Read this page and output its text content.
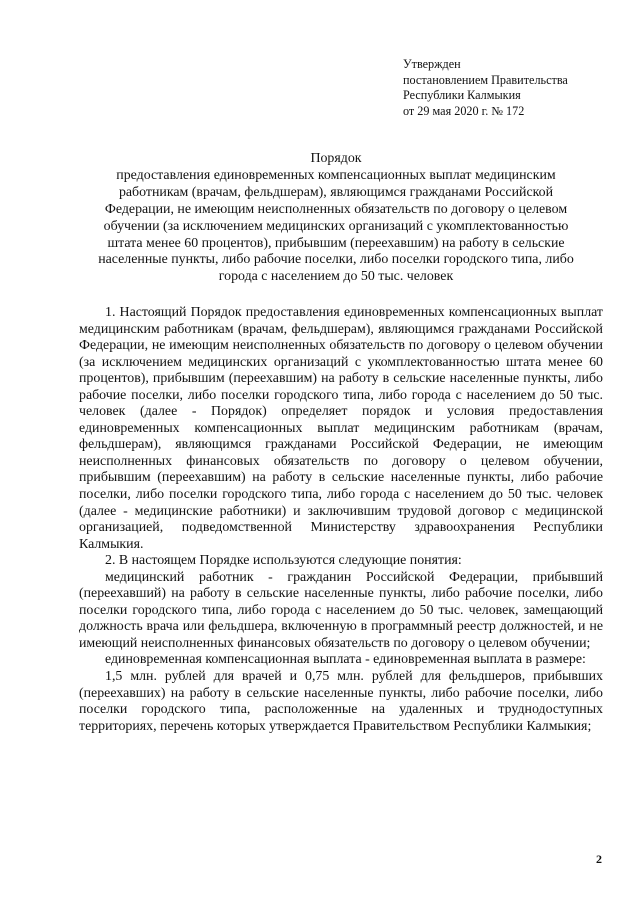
Утвержден
постановлением Правительства
Республики Калмыкия
от 29 мая 2020 г. № 172
Порядок
предоставления единовременных компенсационных выплат медицинским
работникам (врачам, фельдшерам), являющимся гражданами Российской
Федерации, не имеющим неисполненных обязательств по договору о целевом
обучении (за исключением медицинских организаций с укомплектованностью
штата менее 60 процентов), прибывшим (переехавшим) на работу в сельские
населенные пункты, либо рабочие поселки, либо поселки городского типа, либо
города с населением до 50 тыс. человек

1. Настоящий Порядок предоставления единовременных компенсационных выплат медицинским работникам (врачам, фельдшерам), являющимся гражданами Российской Федерации, не имеющим неисполненных обязательств по договору о целевом обучении (за исключением медицинских организаций с укомплектованностью штата менее 60 процентов), прибывшим (переехавшим) на работу в сельские населенные пункты, либо рабочие поселки, либо поселки городского типа, либо города с населением до 50 тыс. человек (далее - Порядок) определяет порядок и условия предоставления единовременных компенсационных выплат медицинским работникам (врачам, фельдшерам), являющимся гражданами Российской Федерации, не имеющим неисполненных финансовых обязательств по договору о целевом обучении, прибывшим (переехавшим) на работу в сельские населенные пункты, либо рабочие поселки, либо поселки городского типа, либо города с населением до 50 тыс. человек (далее - медицинские работники) и заключившим трудовой договор с медицинской организацией, подведомственной Министерству здравоохранения Республики Калмыкия.

2. В настоящем Порядке используются следующие понятия:

медицинский работник - гражданин Российской Федерации, прибывший (переехавший) на работу в сельские населенные пункты, либо рабочие поселки, либо поселки городского типа, либо города с населением до 50 тыс. человек, замещающий должность врача или фельдшера, включенную в программный реестр должностей, и не имеющий неисполненных финансовых обязательств по договору о целевом обучении;

единовременная компенсационная выплата - единовременная выплата в размере:

1,5 млн. рублей для врачей и 0,75 млн. рублей для фельдшеров, прибывших (переехавших) на работу в сельские населенные пункты, либо рабочие поселки, либо поселки городского типа, расположенные на удаленных и труднодоступных территориях, перечень которых утверждается Правительством Республики Калмыкия;

2
